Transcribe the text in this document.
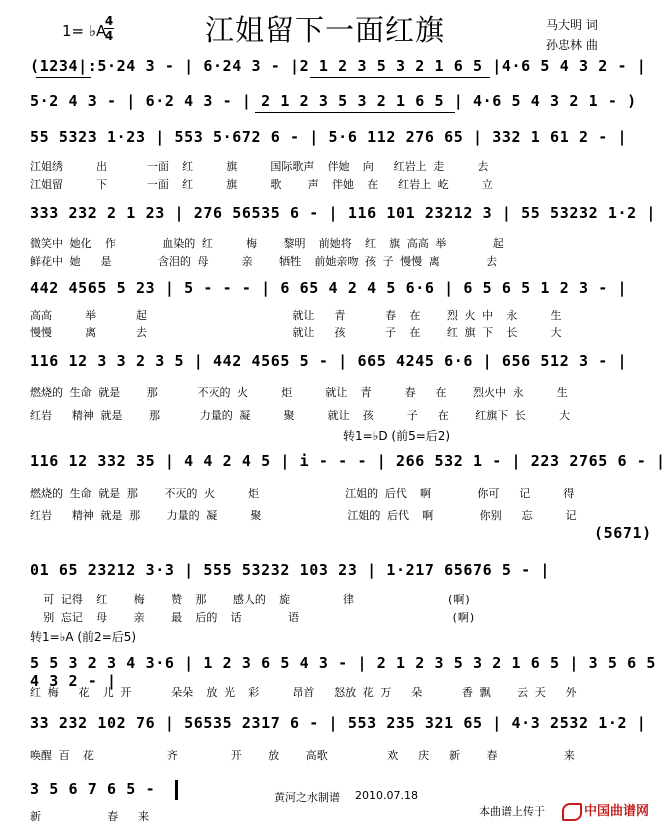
1= ♭A
4
4	江姐留下一面红旗	马大明 词
孙忠林 曲
(1234|:5·24 3 - | 6·24 3 - |2 1 2 3 5 3 2 1 6 5 |4·6 5 4 3 2 - |
5·2 4 3 - | 6·2 4 3 - | 2 1 2 3 5 3 2 1 6 5 | 4·6 5 4 3 2 1 - )
55 5323 1·23 | 553 5·672 6 - | 5·6 112 276 65 | 332 1 61 2 - |
江姐绣     出      一面  红     旗     国际歌声  伴她  向   红岩上 走     去
江姐留     下      一面  红     旗     歌    声  伴她  在   红岩上 屹     立
333 232 2 1 23 | 276 56535 6 - | 116 101 23212 3 | 55 53232 1·2 |
微笑中 她化  作       血染的 红     梅    黎明  前她将  红  旗 高高 举       起
鲜花中 她   是       含泪的 母     亲    牺牲  前她亲吻 孩 子 慢慢 离       去
442 4565 5 23 | 5 - - - | 6 65 4 2 4 5 6·6 | 6 5 6 5 1 2 3 - |
高高     举      起                      就让   青      春  在    烈 火 中  永     生
慢慢     离      去                      就让   孩      子  在    红 旗 下  长     大
116 12 3 3 2 3 5 | 442 4565 5 - | 665 4245 6·6 | 656 512 3 - |
燃烧的 生命 就是    那      不灭的 火     炬     就让  青     春   在    烈火中 永     生
红岩   精神 就是    那      力量的 凝     聚     就让  孩     子   在    红旗下 长     大
转1=♭D (前5=后2)
116 12 332 35 | 4 4 2 4 5 | i - - - | 266 532 1 - | 223 2765 6 - |
燃烧的 生命 就是 那    不灭的 火     炬             江姐的 后代  啊       你可   记     得
红岩   精神 就是 那    力量的 凝     聚             江姐的 后代  啊       你别   忘     记
(5671)
01 65 23212 3·3 | 555 53232 103 23 | 1·217 65676 5 - |
可 记得  红    梅    赞  那    感人的  旋        律              (啊)
别 忘记  母    亲    最  后的  话       语                       (啊)
转1=♭A (前2=后5)
5 5 3 2 3 4 3·6 | 1 2 3 6 5 4 3 - | 2 1 2 3 5 3 2 1 6 5 | 3 5 6 5 4 3 2 - |
红 梅   花  儿 开      朵朵  放 光  彩     昂首   怒放 花 万   朵      香 飘    云 天   外
33 232 102 76 | 56535 2317 6 - | 553 235 321 65 | 4·3 2532 1·2 |
唤醒 百  花           齐        开    放    高歌         欢   庆   新    春          来
3 5 6 7 6 5 -
新          春   来
黄河之水制谱 2010.07.18
本曲谱上传于	中国曲谱网
